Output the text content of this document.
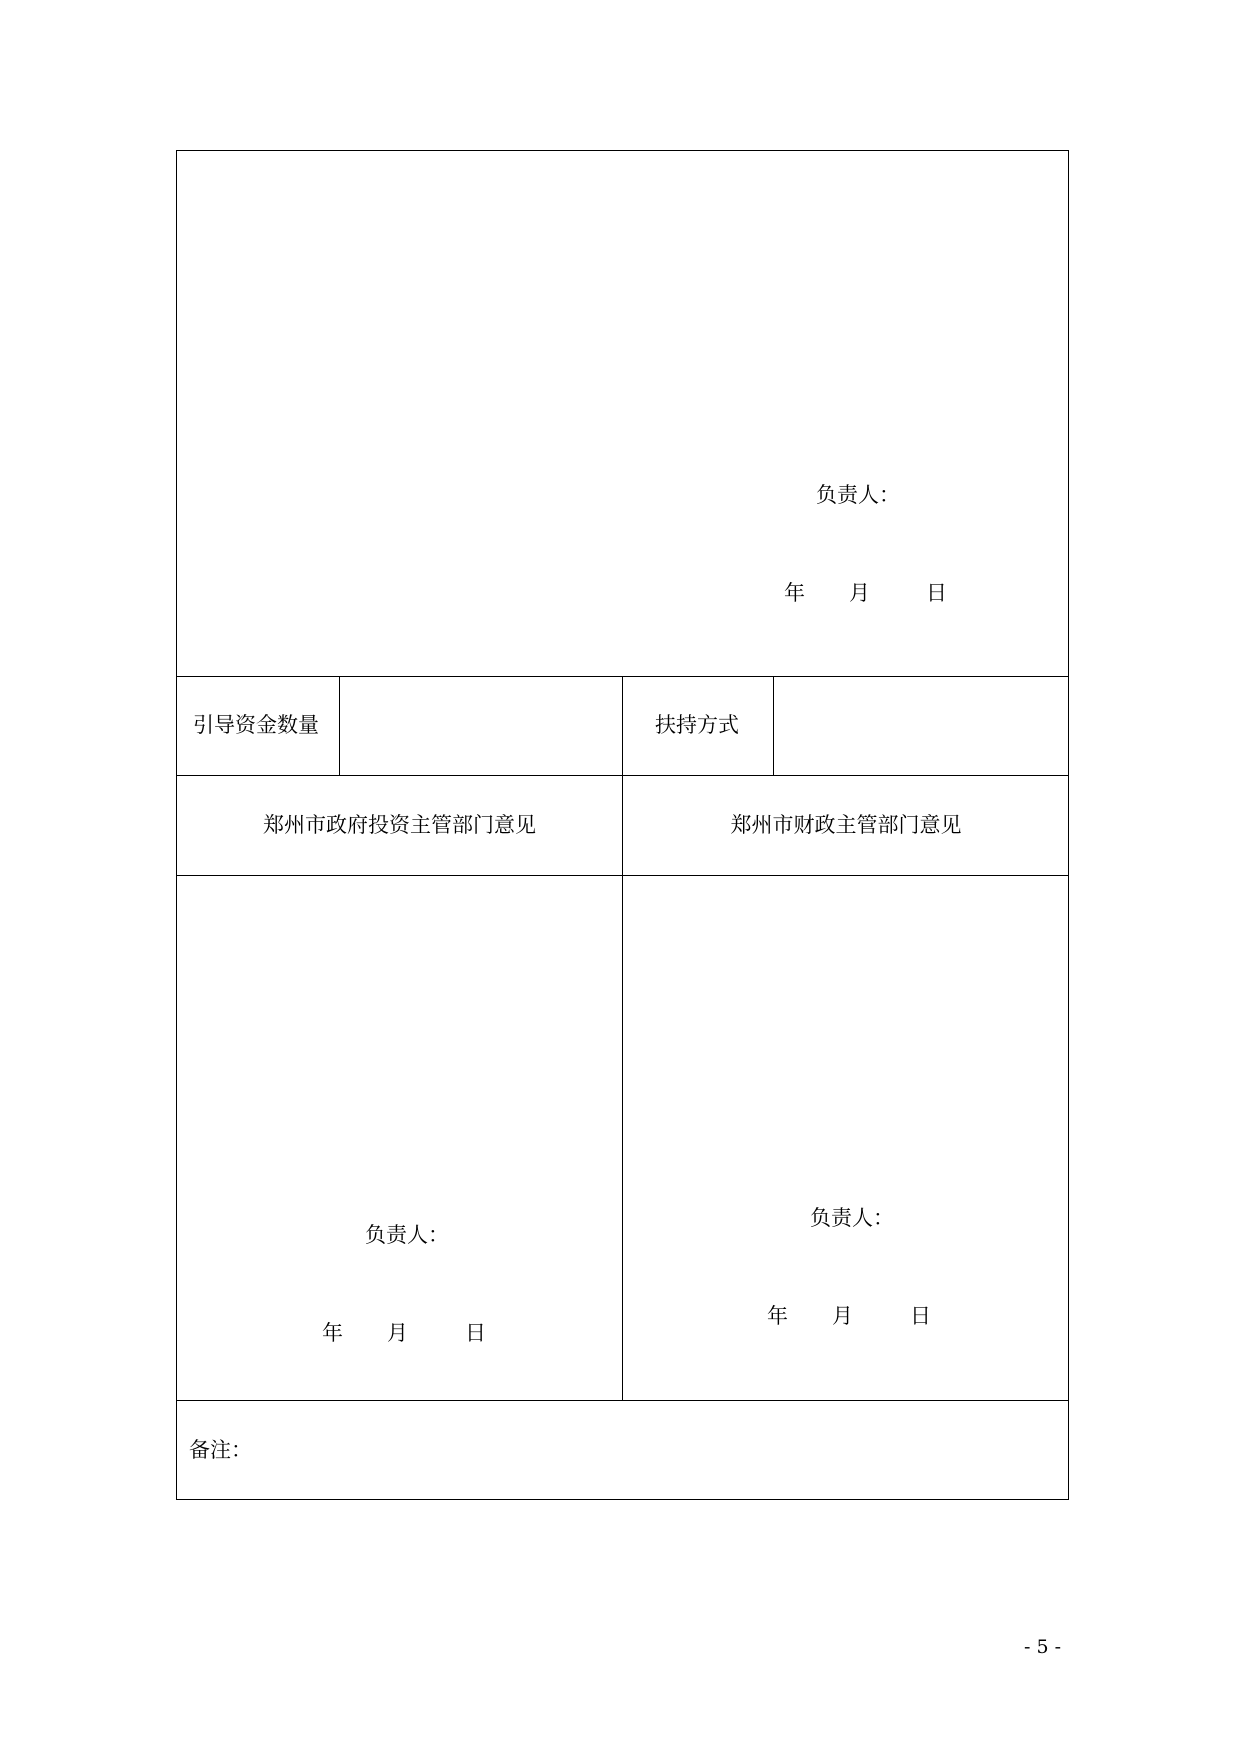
负责人：
年 月	日
引导资金数量	扶持方式
郑州市政府投资主管部门意见	郑州市财政主管部门意见
负责人：
年 月	日
负责人：
年 月	日
备注：
- 5 -
